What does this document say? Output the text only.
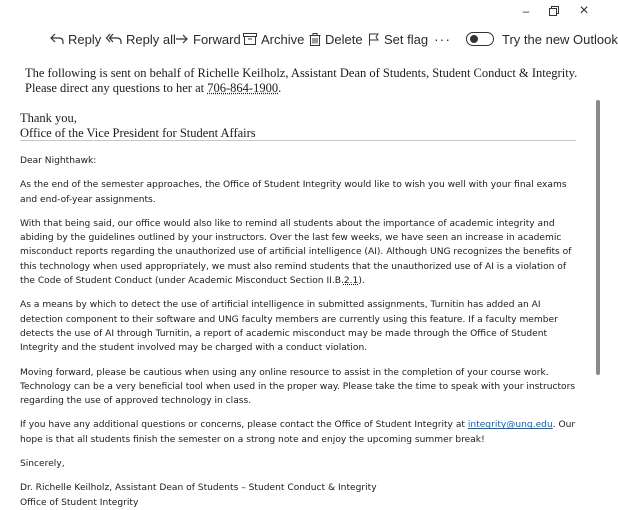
–	×
Reply Reply all Forward Archive Delete Set flag ···	Try the new Outlook

The following is sent on behalf of Richelle Keilholz, Assistant Dean of Students, Student Conduct & Integrity. Please direct any questions to her at 706-864-1900.

Thank you,

Office of the Vice President for Student Affairs

Dear Nighthawk:

As the end of the semester approaches, the Office of Student Integrity would like to wish you well with your final exams and end-of-year assignments.

With that being said, our office would also like to remind all students about the importance of academic integrity and abiding by the guidelines outlined by your instructors. Over the last few weeks, we have seen an increase in academic misconduct reports regarding the unauthorized use of artificial intelligence (AI). Although UNG recognizes the benefits of this technology when used appropriately, we must also remind students that the unauthorized use of AI is a violation of the Code of Student Conduct (under Academic Misconduct Section II.B.2.1).

As a means by which to detect the use of artificial intelligence in submitted assignments, Turnitin has added an AI detection component to their software and UNG faculty members are currently using this feature. If a faculty member detects the use of AI through Turnitin, a report of academic misconduct may be made through the Office of Student Integrity and the student involved may be charged with a conduct violation.

Moving forward, please be cautious when using any online resource to assist in the completion of your course work. Technology can be a very beneficial tool when used in the proper way. Please take the time to speak with your instructors regarding the use of approved technology in class.

If you have any additional questions or concerns, please contact the Office of Student Integrity at integrity@ung.edu. Our hope is that all students finish the semester on a strong note and enjoy the upcoming summer break!

Sincerely,

Dr. Richelle Keilholz, Assistant Dean of Students – Student Conduct & Integrity

Office of Student Integrity
